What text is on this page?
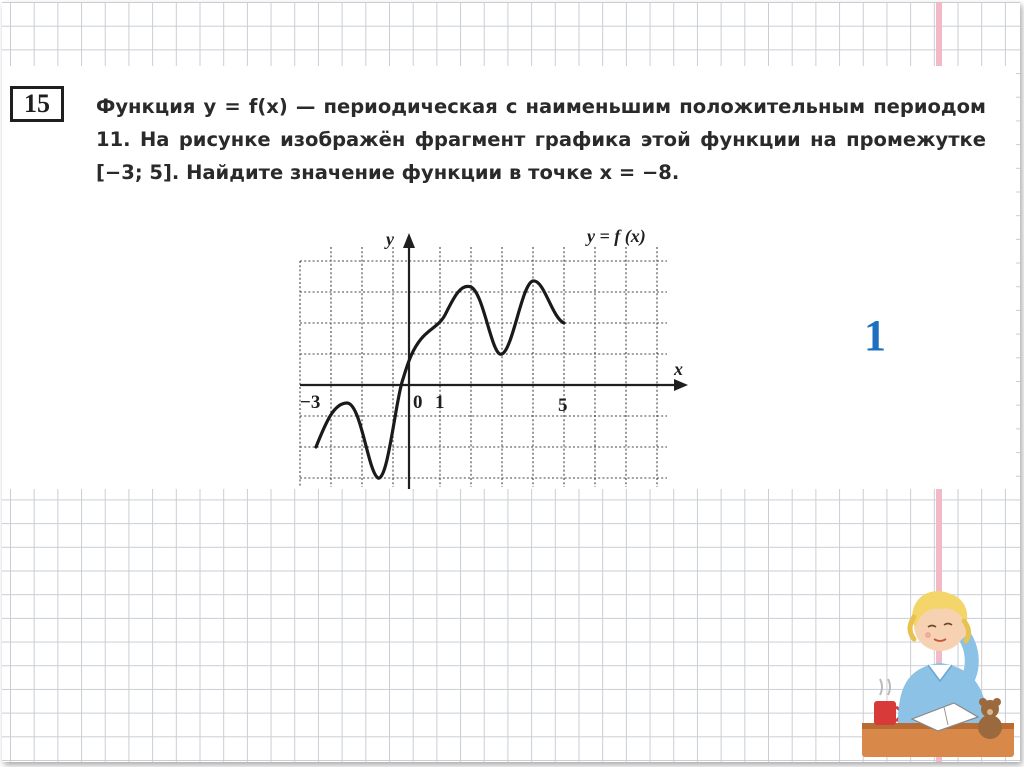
15	Функция y = f(x) — периодическая с наименьшим положительным периодом 11. На рисунке изображён фрагмент графика этой функции на промежутке [−3; 5]. Найдите значение функции в точке x = −8.

y
x
y = f (x)
−3	0 1	5
1
